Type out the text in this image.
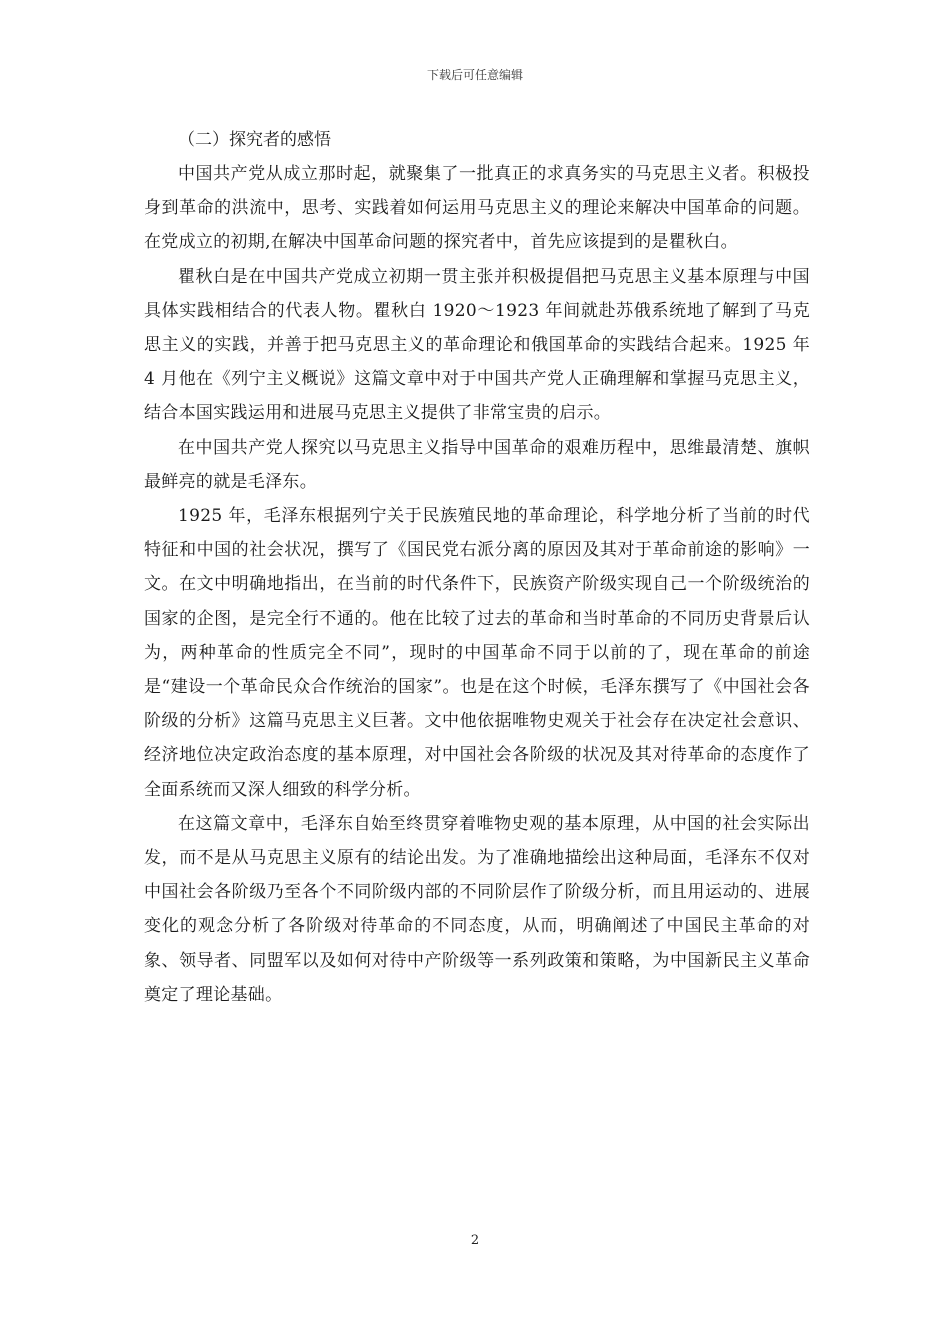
下载后可任意编辑

（二）探究者的感悟

中国共产党从成立那时起，就聚集了一批真正的求真务实的马克思主义者。积极投身到革命的洪流中，思考、实践着如何运用马克思主义的理论来解决中国革命的问题。在党成立的初期,在解决中国革命问题的探究者中，首先应该提到的是瞿秋白。

瞿秋白是在中国共产党成立初期一贯主张并积极提倡把马克思主义基本原理与中国具体实践相结合的代表人物。瞿秋白 1920～1923 年间就赴苏俄系统地了解到了马克思主义的实践，并善于把马克思主义的革命理论和俄国革命的实践结合起来。1925 年 4 月他在《列宁主义概说》这篇文章中对于中国共产党人正确理解和掌握马克思主义，结合本国实践运用和进展马克思主义提供了非常宝贵的启示。

在中国共产党人探究以马克思主义指导中国革命的艰难历程中，思维最清楚、旗帜最鲜亮的就是毛泽东。

1925 年，毛泽东根据列宁关于民族殖民地的革命理论，科学地分析了当前的时代特征和中国的社会状况，撰写了《国民党右派分离的原因及其对于革命前途的影响》一文。在文中明确地指出，在当前的时代条件下，民族资产阶级实现自己一个阶级统治的国家的企图，是完全行不通的。他在比较了过去的革命和当时革命的不同历史背景后认为，两种革命的性质完全不同”，现时的中国革命不同于以前的了，现在革命的前途是“建设一个革命民众合作统治的国家”。也是在这个时候，毛泽东撰写了《中国社会各阶级的分析》这篇马克思主义巨著。文中他依据唯物史观关于社会存在决定社会意识、经济地位决定政治态度的基本原理，对中国社会各阶级的状况及其对待革命的态度作了全面系统而又深人细致的科学分析。

在这篇文章中，毛泽东自始至终贯穿着唯物史观的基本原理，从中国的社会实际出发，而不是从马克思主义原有的结论出发。为了准确地描绘出这种局面，毛泽东不仅对中国社会各阶级乃至各个不同阶级内部的不同阶层作了阶级分析，而且用运动的、进展变化的观念分析了各阶级对待革命的不同态度，从而，明确阐述了中国民主革命的对象、领导者、同盟军以及如何对待中产阶级等一系列政策和策略，为中国新民主义革命奠定了理论基础。

2
